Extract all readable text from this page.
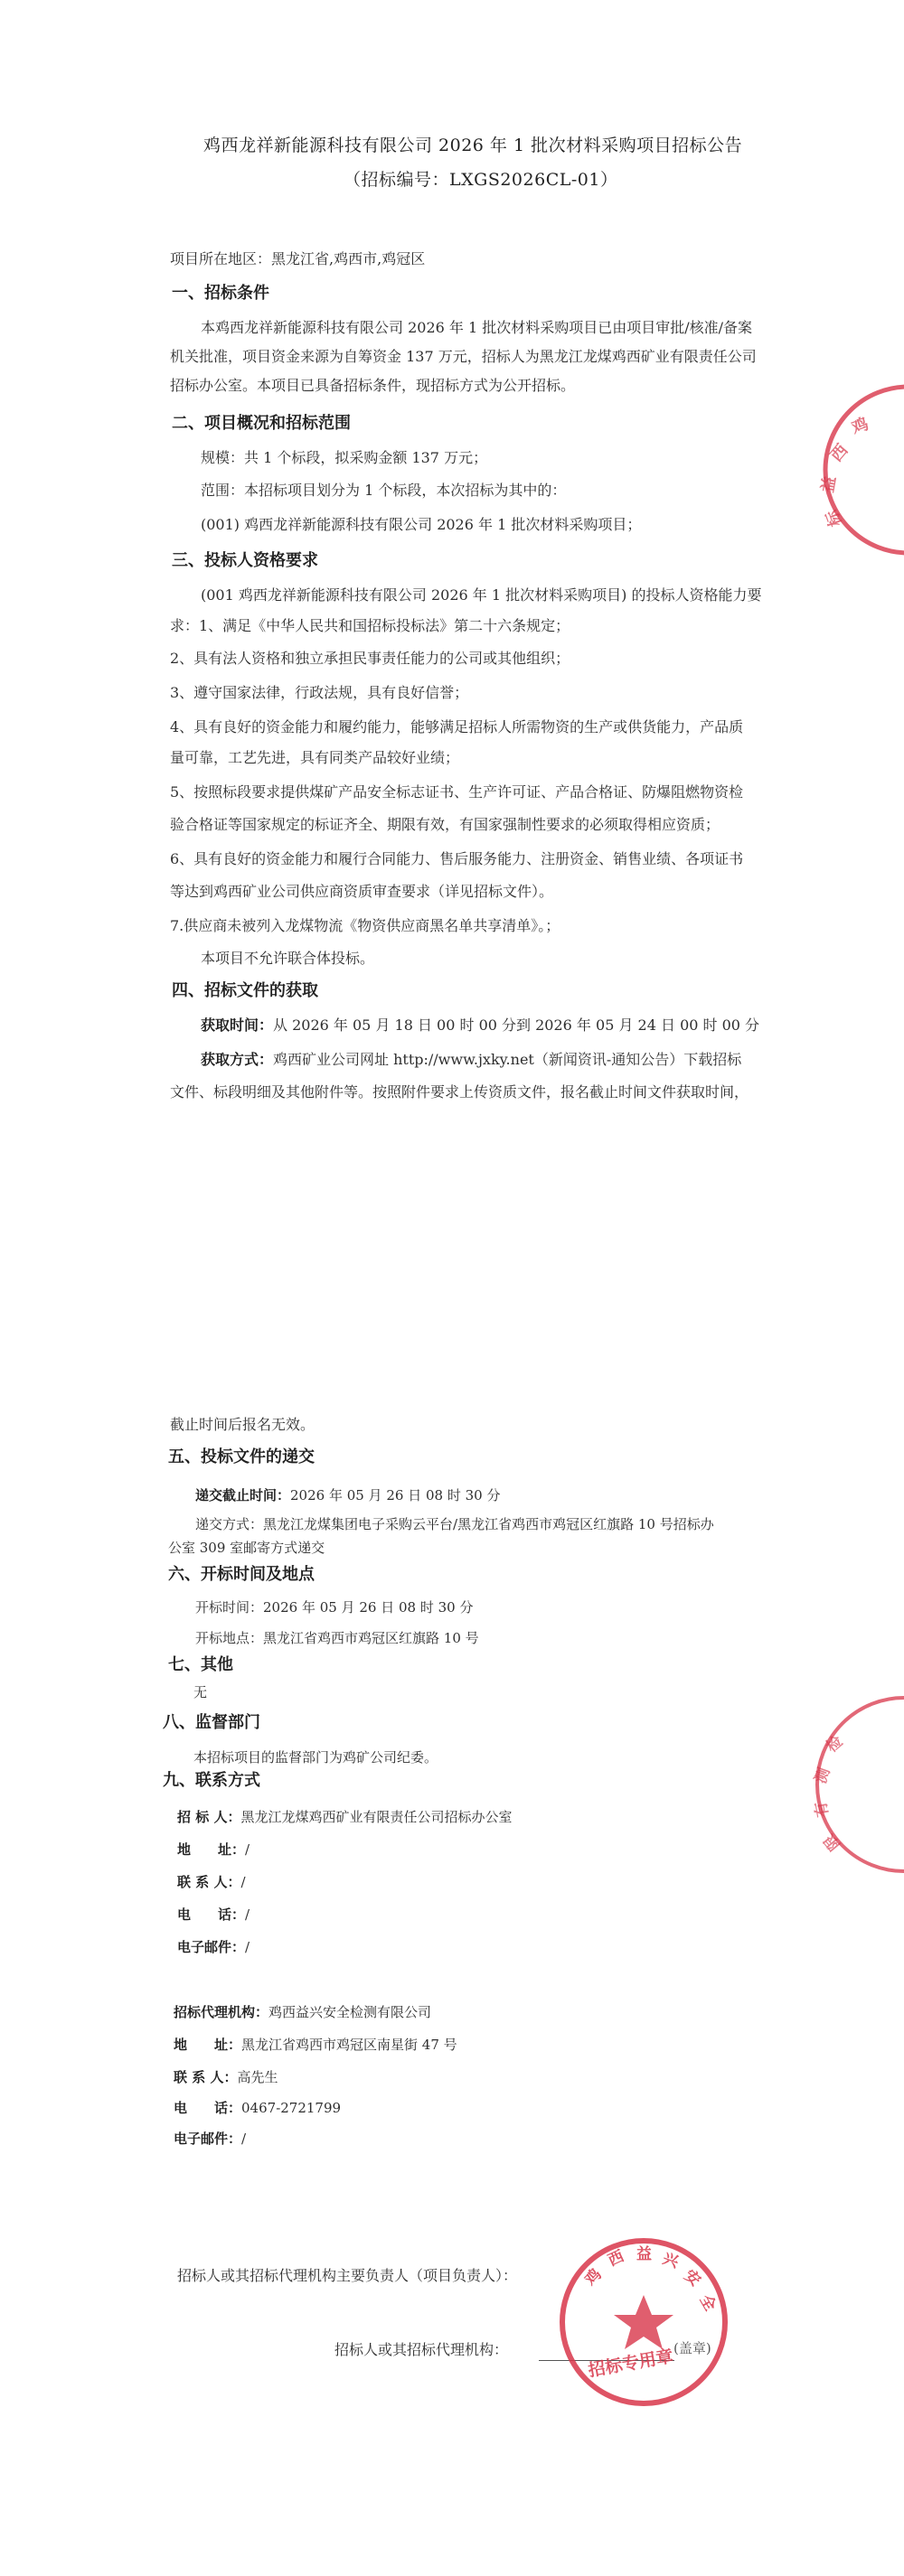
鸡西龙祥新能源科技有限公司 2026 年 1 批次材料采购项目招标公告
（招标编号：LXGS2026CL-01）
项目所在地区：黑龙江省,鸡西市,鸡冠区
一、招标条件
本鸡西龙祥新能源科技有限公司 2026 年 1 批次材料采购项目已由项目审批/核准/备案
机关批准，项目资金来源为自筹资金 137 万元，招标人为黑龙江龙煤鸡西矿业有限责任公司
招标办公室。本项目已具备招标条件，现招标方式为公开招标。
二、项目概况和招标范围
规模：共 1 个标段，拟采购金额 137 万元；
范围：本招标项目划分为 1 个标段，本次招标为其中的：
(001) 鸡西龙祥新能源科技有限公司 2026 年 1 批次材料采购项目；
三、投标人资格要求
(001 鸡西龙祥新能源科技有限公司 2026 年 1 批次材料采购项目) 的投标人资格能力要
求：1、满足《中华人民共和国招标投标法》第二十六条规定；
2、具有法人资格和独立承担民事责任能力的公司或其他组织；
3、遵守国家法律，行政法规，具有良好信誉；
4、具有良好的资金能力和履约能力，能够满足招标人所需物资的生产或供货能力，产品质
量可靠，工艺先进，具有同类产品较好业绩；
5、按照标段要求提供煤矿产品安全标志证书、生产许可证、产品合格证、防爆阻燃物资检
验合格证等国家规定的标证齐全、期限有效，有国家强制性要求的必须取得相应资质；
6、具有良好的资金能力和履行合同能力、售后服务能力、注册资金、销售业绩、各项证书
等达到鸡西矿业公司供应商资质审查要求（详见招标文件）。
7.供应商未被列入龙煤物流《物资供应商黑名单共享清单》。；
本项目不允许联合体投标。
四、招标文件的获取
获取时间：从 2026 年 05 月 18 日 00 时 00 分到 2026 年 05 月 24 日 00 时 00 分
获取方式：鸡西矿业公司网址 http://www.jxky.net（新闻资讯-通知公告）下载招标
文件、标段明细及其他附件等。按照附件要求上传资质文件，报名截止时间文件获取时间，
截止时间后报名无效。
五、投标文件的递交
递交截止时间：2026 年 05 月 26 日 08 时 30 分
递交方式：黑龙江龙煤集团电子采购云平台/黑龙江省鸡西市鸡冠区红旗路 10 号招标办
公室 309 室邮寄方式递交
六、开标时间及地点
开标时间：2026 年 05 月 26 日 08 时 30 分
开标地点：黑龙江省鸡西市鸡冠区红旗路 10 号
七、其他
无
八、监督部门
本招标项目的监督部门为鸡矿公司纪委。
九、联系方式
招 标 人：黑龙江龙煤鸡西矿业有限责任公司招标办公室
地　　址：/
联 系 人：/
电　　话：/
电子邮件：/
招标代理机构：鸡西益兴安全检测有限公司
地　　址：黑龙江省鸡西市鸡冠区南星街 47 号
联 系 人：高先生
电　　话：0467-2721799
电子邮件：/
招标人或其招标代理机构主要负责人（项目负责人）：
招标人或其招标代理机构：	(盖章)
鸡
西
益
标
检
测
有
限
鸡
西 益 兴
安
全
招标专用章
